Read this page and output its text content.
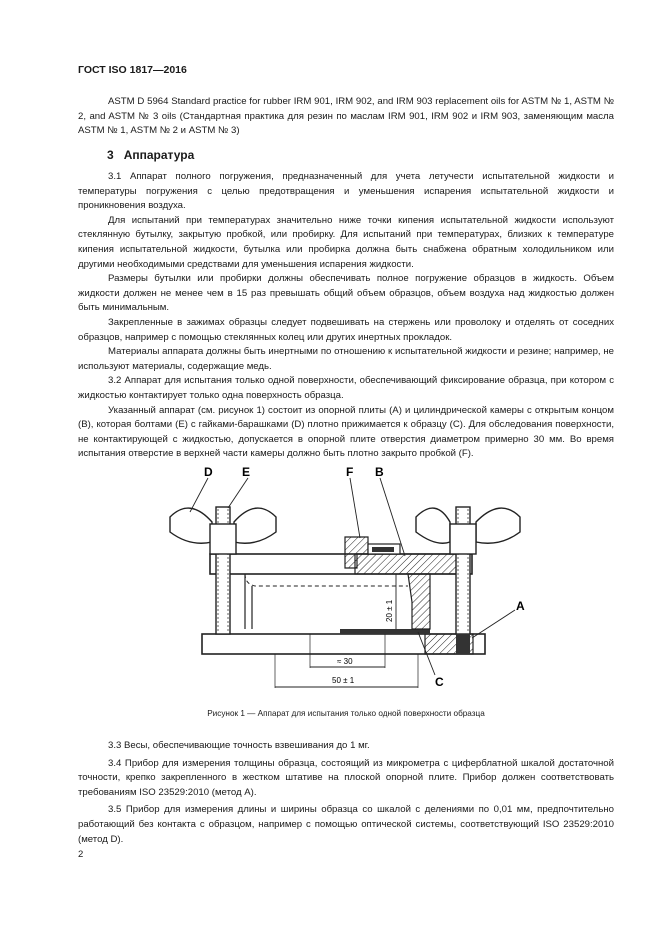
ГОСТ ISO 1817—2016

ASTM D 5964 Standard practice for rubber IRM 901, IRM 902, and IRM 903 replacement oils for ASTM № 1, ASTM № 2, and ASTM № 3 oils (Стандартная практика для резин по маслам IRM 901, IRM 902 и IRM 903, заменяющим масла ASTM № 1, ASTM № 2 и ASTM № 3)

3 Аппаратура

3.1 Аппарат полного погружения, предназначенный для учета летучести испытательной жидкости и температуры погружения с целью предотвращения и уменьшения испарения испытательной жидкости и проникновения воздуха.

Для испытаний при температурах значительно ниже точки кипения испытательной жидкости используют стеклянную бутылку, закрытую пробкой, или пробирку. Для испытаний при температурах, близких к температуре кипения испытательной жидкости, бутылка или пробирка должна быть снабжена обратным холодильником или другими необходимыми средствами для уменьшения испарения жидкости.

Размеры бутылки или пробирки должны обеспечивать полное погружение образцов в жидкость. Объем жидкости должен не менее чем в 15 раз превышать общий объем образцов, объем воздуха над жидкостью должен быть минимальным.

Закрепленные в зажимах образцы следует подвешивать на стержень или проволоку и отделять от соседних образцов, например с помощью стеклянных колец или других инертных прокладок.

Материалы аппарата должны быть инертными по отношению к испытательной жидкости и резине; например, не используют материалы, содержащие медь.

3.2 Аппарат для испытания только одной поверхности, обеспечивающий фиксирование образца, при котором с жидкостью контактирует только одна поверхность образца.

Указанный аппарат (см. рисунок 1) состоит из опорной плиты (A) и цилиндрической камеры с открытым концом (B), которая болтами (E) с гайками-барашками (D) плотно прижимается к образцу (C). Для обследования поверхности, не контактирующей с жидкостью, допускается в опорной плите отверстия диаметром примерно 30 мм. Во время испытания отверстие в верхней части камеры должно быть плотно закрыто пробкой (F).

20 ± 1
≈ 30
50 ± 1
D E	F B
A
C
Рисунок 1 — Аппарат для испытания только одной поверхности образца

3.3 Весы, обеспечивающие точность взвешивания до 1 мг.

3.4 Прибор для измерения толщины образца, состоящий из микрометра с циферблатной шкалой достаточной точности, крепко закрепленного в жестком штативе на плоской опорной плите. Прибор должен соответствовать требованиям ISO 23529:2010 (метод A).

3.5 Прибор для измерения длины и ширины образца со шкалой с делениями по 0,01 мм, предпочтительно работающий без контакта с образцом, например с помощью оптической системы, соответствующий ISO 23529:2010 (метод D).

2
